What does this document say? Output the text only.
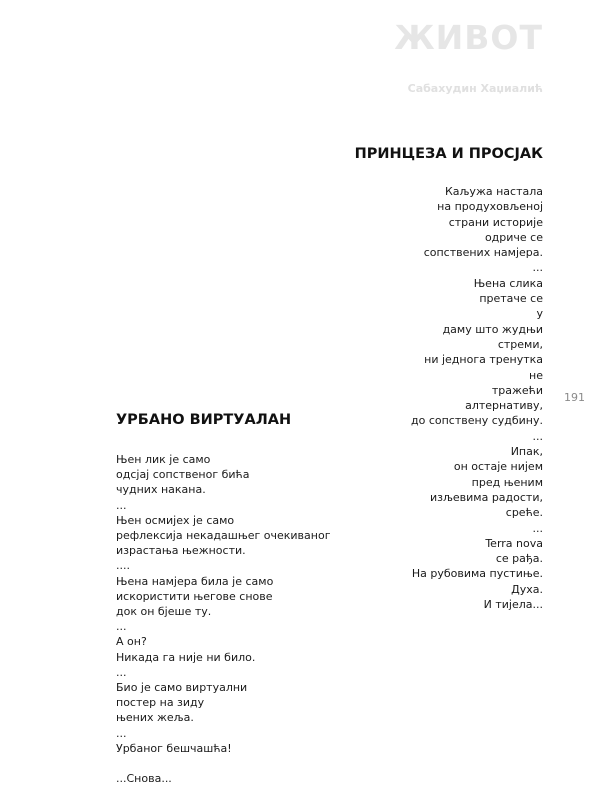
ЖИВОТ
Сабахудин Хаџиалић
191
ПРИНЦЕЗА И ПРОСЈАК
Каљужа настала
на продуховљеној
страни историје
одриче се
сопствених намјера.
...
Њена слика
претаче се
у
даму што жудњи
стреми,
ни једнога тренутка
не
тражећи
алтернативу,
до сопствену судбину.
...
Ипак,
он остаје нијем
пред њеним
изљевима радости,
среће.
...
Terra nova
се рађа.
На рубовима пустиње.
Духа.
И тијела...
УРБАНО ВИРТУАЛАН
Њен лик је само
одсјај сопственог бића
чудних накана.
...
Њен осмијех је само
рефлексија некадашњег очекиваног
израстања њежности.
....
Њена намјера била је само
искористити његове снове
док он бјеше ту.
...
А он?
Никада га није ни било.
...
Био је само виртуални
постер на зиду
њених жеља.
...
Урбаног бешчашћа!
...Снова...
